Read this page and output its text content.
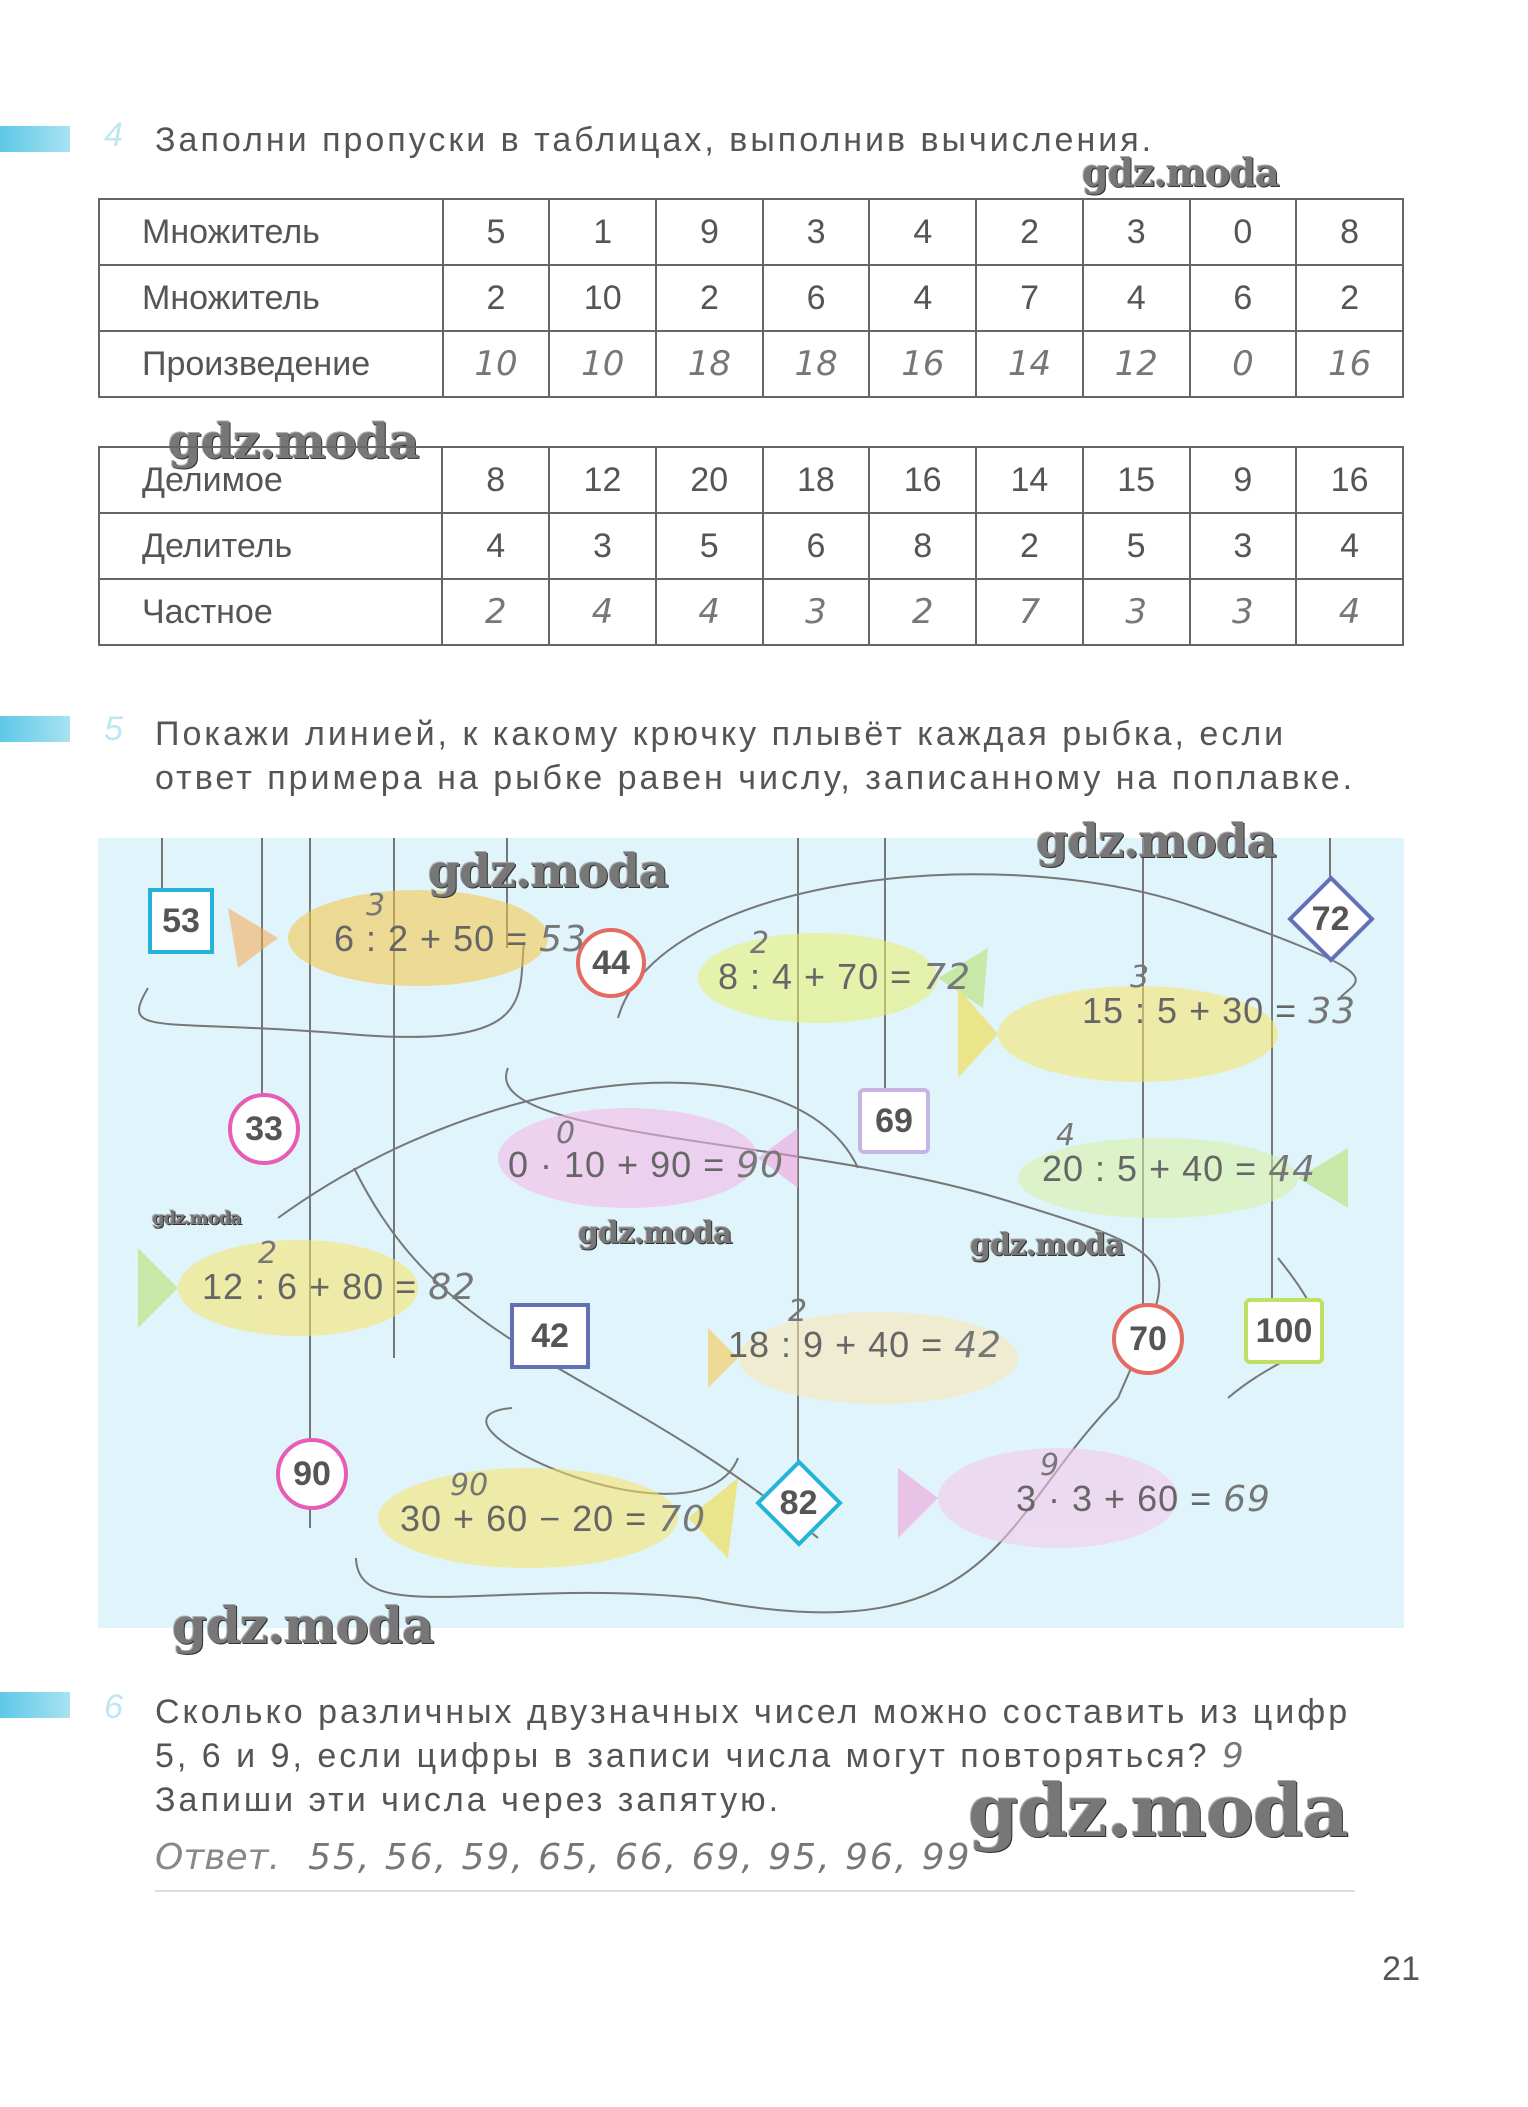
4 Заполни пропуски в таблицах, выполнив вычисления.
gdz.moda
Множитель	5	1	9	3	4	2	3	0	8
Множитель	2	10	2	6	4	7	4	6	2
Произведение	10	10	18	18	16	14	12	0	16
gdz.moda
Делимое	8	12	20	18	16	14	15	9	16
Делитель	4	3	5	6	8	2	5	3	4
Частное	2	4	4	3	2	7	3	3	4
5 Покажи линией, к какому крючку плывёт каждая рыбка, если
ответ примера на рыбке равен числу, записанному на поплавке.
53
44
72
33	69
42	70	100
90
82
3
6 : 2 + 50 = 53	2
8 : 4 + 70 = 72	3
15 : 5 + 30 = 33
0
0 · 10 + 90 = 90
4
20 : 5 + 40 = 44
2
12 : 6 + 80 = 82
2
18 : 9 + 40 = 42
90
30 + 60 − 20 = 70
9
3 · 3 + 60 = 69
gdz.moda
gdz.moda
gdz.moda	gdz.moda
gdz.moda
gdz.moda
6 Сколько различных двузначных чисел можно составить из цифр
5, 6 и 9, если цифры в записи числа могут повторяться? 9
Запиши эти числа через запятую.	gdz.moda
Ответ. 55, 56, 59, 65, 66, 69, 95, 96, 99
21
